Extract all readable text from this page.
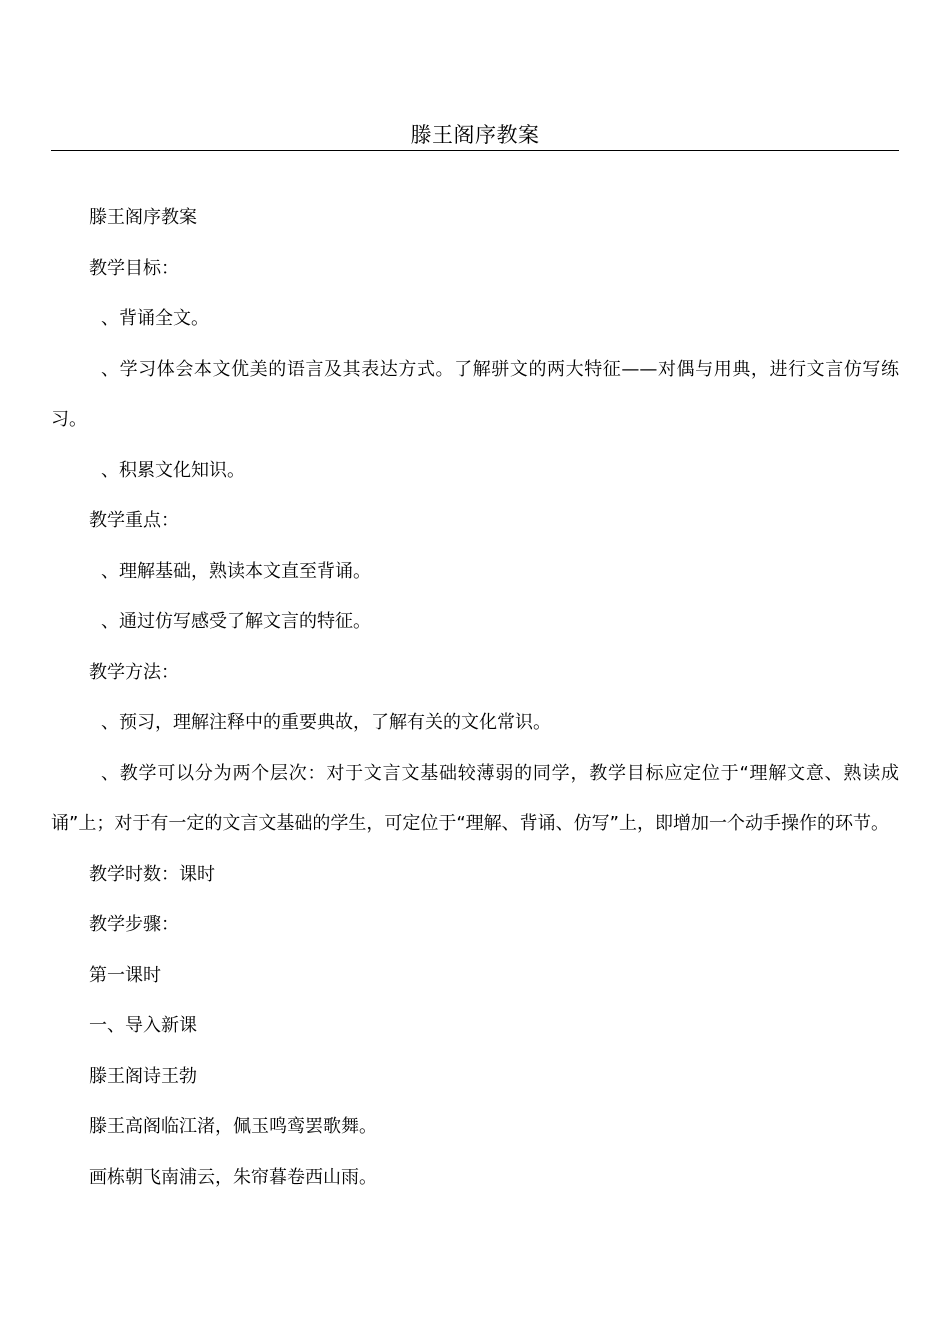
滕王阁序教案

滕王阁序教案

教学目标：

、背诵全文。

、学习体会本文优美的语言及其表达方式。了解骈文的两大特征——对偶与用典，进行文言仿写练习。

、积累文化知识。

教学重点：

、理解基础，熟读本文直至背诵。

、通过仿写感受了解文言的特征。

教学方法：

、预习，理解注释中的重要典故，了解有关的文化常识。

、教学可以分为两个层次：对于文言文基础较薄弱的同学，教学目标应定位于“理解文意、熟读成诵”上；对于有一定的文言文基础的学生，可定位于“理解、背诵、仿写”上，即增加一个动手操作的环节。

教学时数：课时

教学步骤：

第一课时

一、导入新课

滕王阁诗王勃

滕王高阁临江渚，佩玉鸣鸾罢歌舞。

画栋朝飞南浦云，朱帘暮卷西山雨。
